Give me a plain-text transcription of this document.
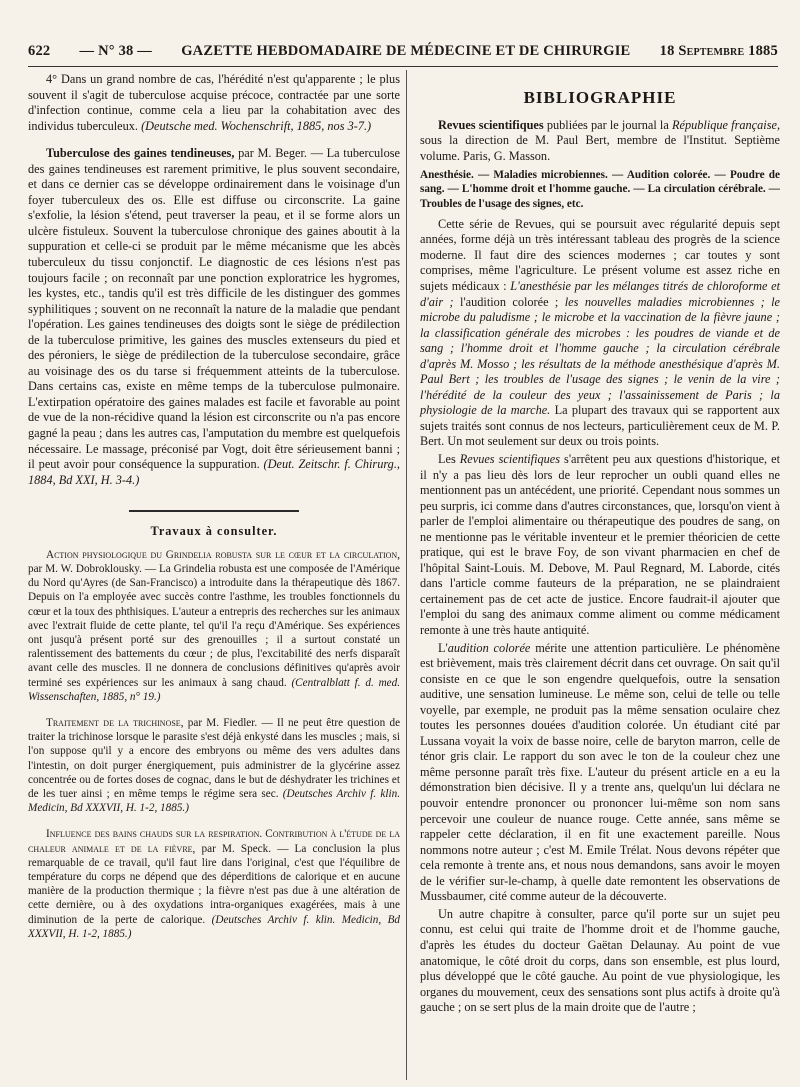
622 — N° 38 — GAZETTE HEBDOMADAIRE DE MÉDECINE ET DE CHIRURGIE 18 Septembre 1885

4° Dans un grand nombre de cas, l'hérédité n'est qu'apparente ; le plus souvent il s'agit de tuberculose acquise précoce, contractée par une sorte d'infection continue, comme cela a lieu par la cohabitation avec des individus tuberculeux. (Deutsche med. Wochenschrift, 1885, nos 3-7.)

Tuberculose des gaines tendineuses, par M. Beger. — La tuberculose des gaines tendineuses est rarement primitive, le plus souvent secondaire, et dans ce dernier cas se développe ordinairement dans le voisinage d'un foyer tuberculeux des os. Elle est diffuse ou circonscrite. La gaine s'exfolie, la lésion s'étend, peut traverser la peau, et il se forme alors un ulcère fistuleux. Souvent la tuberculose chronique des gaines aboutit à la suppuration et celle-ci se produit par le même mécanisme que les abcès tuberculeux du tissu conjonctif. Le diagnostic de ces lésions n'est pas toujours facile ; on reconnaît par une ponction exploratrice les hygromes, les kystes, etc., tandis qu'il est très difficile de les distinguer des gommes syphilitiques ; souvent on ne reconnaît la nature de la maladie que pendant l'opération. Les gaines tendineuses des doigts sont le siège de prédilection de la tuberculose primitive, les gaines des muscles extenseurs du pied et des péroniers, le siège de prédilection de la tuberculose secondaire, grâce au voisinage des os du tarse si fréquemment atteints de la tuberculose. Dans certains cas, existe en même temps de la tuberculose pulmonaire. L'extirpation opératoire des gaines malades est facile et favorable au point de vue de la non-récidive quand la lésion est circonscrite ou n'a pas encore gagné la peau ; dans les autres cas, l'amputation du membre est quelquefois nécessaire. Le massage, préconisé par Vogt, doit être sérieusement banni ; il peut avoir pour conséquence la suppuration. (Deut. Zeitschr. f. Chirurg., 1884, Bd XXI, H. 3-4.)

Travaux à consulter.

Action physiologique du Grindelia robusta sur le cœur et la circulation, par M. W. Dobroklousky. — La Grindelia robusta est une composée de l'Amérique du Nord qu'Ayres (de San-Francisco) a introduite dans la thérapeutique dès 1867. Depuis on l'a employée avec succès contre l'asthme, les troubles fonctionnels du cœur et la toux des phthisiques. L'auteur a entrepris des recherches sur les animaux avec l'extrait fluide de cette plante, tel qu'il l'a reçu d'Amérique. Ses expériences ont jusqu'à présent porté sur des grenouilles ; il a surtout constaté un ralentissement des battements du cœur ; de plus, l'excitabilité des nerfs disparaît avant celle des muscles. Il ne donnera de conclusions définitives qu'après avoir terminé ses expériences sur les animaux à sang chaud. (Centralblatt f. d. med. Wissenschaften, 1885, n° 19.)

Traitement de la trichinose, par M. Fiedler. — Il ne peut être question de traiter la trichinose lorsque le parasite s'est déjà enkysté dans les muscles ; mais, si l'on suppose qu'il y a encore des embryons ou même des vers adultes dans l'intestin, on doit purger énergiquement, puis administrer de la glycérine assez concentrée ou de fortes doses de cognac, dans le but de déshydrater les trichines et de les tuer ainsi ; en même temps le régime sera sec. (Deutsches Archiv f. klin. Medicin, Bd XXXVII, H. 1-2, 1885.)

Influence des bains chauds sur la respiration. Contribution à l'étude de la chaleur animale et de la fièvre, par M. Speck. — La conclusion la plus remarquable de ce travail, qu'il faut lire dans l'original, c'est que l'équilibre de température du corps ne dépend que des déperditions de calorique et en aucune manière de la production thermique ; la fièvre n'est pas due à une altération de cette dernière, ou à des oxydations intra-organiques exagérées, mais à une diminution de la perte de calorique. (Deutsches Archiv f. klin. Medicin, Bd XXXVII, H. 1-2, 1885.)

BIBLIOGRAPHIE

Revues scientifiques publiées par le journal la République française, sous la direction de M. Paul Bert, membre de l'Institut. Septième volume. Paris, G. Masson.

Anesthésie. — Maladies microbiennes. — Audition colorée. — Poudre de sang. — L'homme droit et l'homme gauche. — La circulation cérébrale. — Troubles de l'usage des signes, etc.

Cette série de Revues, qui se poursuit avec régularité depuis sept années, forme déjà un très intéressant tableau des progrès de la science moderne. Il faut dire des sciences modernes ; car toutes y sont comprises, même l'agriculture. Le présent volume est assez riche en sujets médicaux : L'anesthésie par les mélanges titrés de chloroforme et d'air ; l'audition colorée ; les nouvelles maladies microbiennes ; le microbe du paludisme ; le microbe et la vaccination de la fièvre jaune ; la classification générale des microbes : les poudres de viande et de sang ; l'homme droit et l'homme gauche ; la circulation cérébrale d'après M. Mosso ; les résultats de la méthode anesthésique d'après M. Paul Bert ; les troubles de l'usage des signes ; le venin de la vire ; l'hérédité de la couleur des yeux ; l'assainissement de Paris ; la physiologie de la marche. La plupart des travaux qui se rapportent aux sujets traités sont connus de nos lecteurs, particulièrement ceux de M. P. Bert. Un mot seulement sur deux ou trois points.

Les Revues scientifiques s'arrêtent peu aux questions d'historique, et il n'y a pas lieu dès lors de leur reprocher un oubli quand elles ne mentionnent pas un antécédent, une priorité. Cependant nous sommes un peu surpris, ici comme dans d'autres circonstances, que, lorsqu'on vient à parler de l'emploi alimentaire ou thérapeutique des poudres de sang, on ne mentionne pas le véritable inventeur et le premier théoricien de cette pratique, qui est le brave Foy, de son vivant pharmacien en chef de l'hôpital Saint-Louis. M. Debove, M. Paul Regnard, M. Laborde, cités dans l'article comme fauteurs de la préparation, ne se plaindraient certainement pas de cet acte de justice. Encore faudrait-il ajouter que l'emploi du sang des animaux comme aliment ou comme médicament remonte à une très haute antiquité.

L'audition colorée mérite une attention particulière. Le phénomène est brièvement, mais très clairement décrit dans cet ouvrage. On sait qu'il consiste en ce que le son engendre quelquefois, outre la sensation auditive, une sensation lumineuse. Le même son, celui de telle ou telle voyelle, par exemple, ne produit pas la même sensation oculaire chez toutes les personnes douées d'audition colorée. Un étudiant cité par Lussana voyait la voix de basse noire, celle de baryton marron, celle de ténor gris clair. Le rapport du son avec le ton de la couleur chez une même personne paraît très fixe. L'auteur du présent article en a eu la démonstration bien décisive. Il y a trente ans, quelqu'un lui déclara ne pouvoir entendre prononcer ou prononcer lui-même son nom sans percevoir une couleur de nuance rouge. Cette année, sans même se rappeler cette déclaration, il en fit une exactement pareille. Nous nommons notre auteur ; c'est M. Emile Trélat. Nous devons répéter que cela remonte à trente ans, et nous nous demandons, sans avoir le moyen de le vérifier sur-le-champ, à quelle date remontent les observations de Mussbaumer, cité comme auteur de la découverte.

Un autre chapitre à consulter, parce qu'il porte sur un sujet peu connu, est celui qui traite de l'homme droit et de l'homme gauche, d'après les études du docteur Gaëtan Delaunay. Au point de vue anatomique, le côté droit du corps, dans son ensemble, est plus lourd, plus développé que le côté gauche. Au point de vue physiologique, les organes du mouvement, ceux des sensations sont plus actifs à droite qu'à gauche ; on se sert plus de la main droite que de l'autre ;
